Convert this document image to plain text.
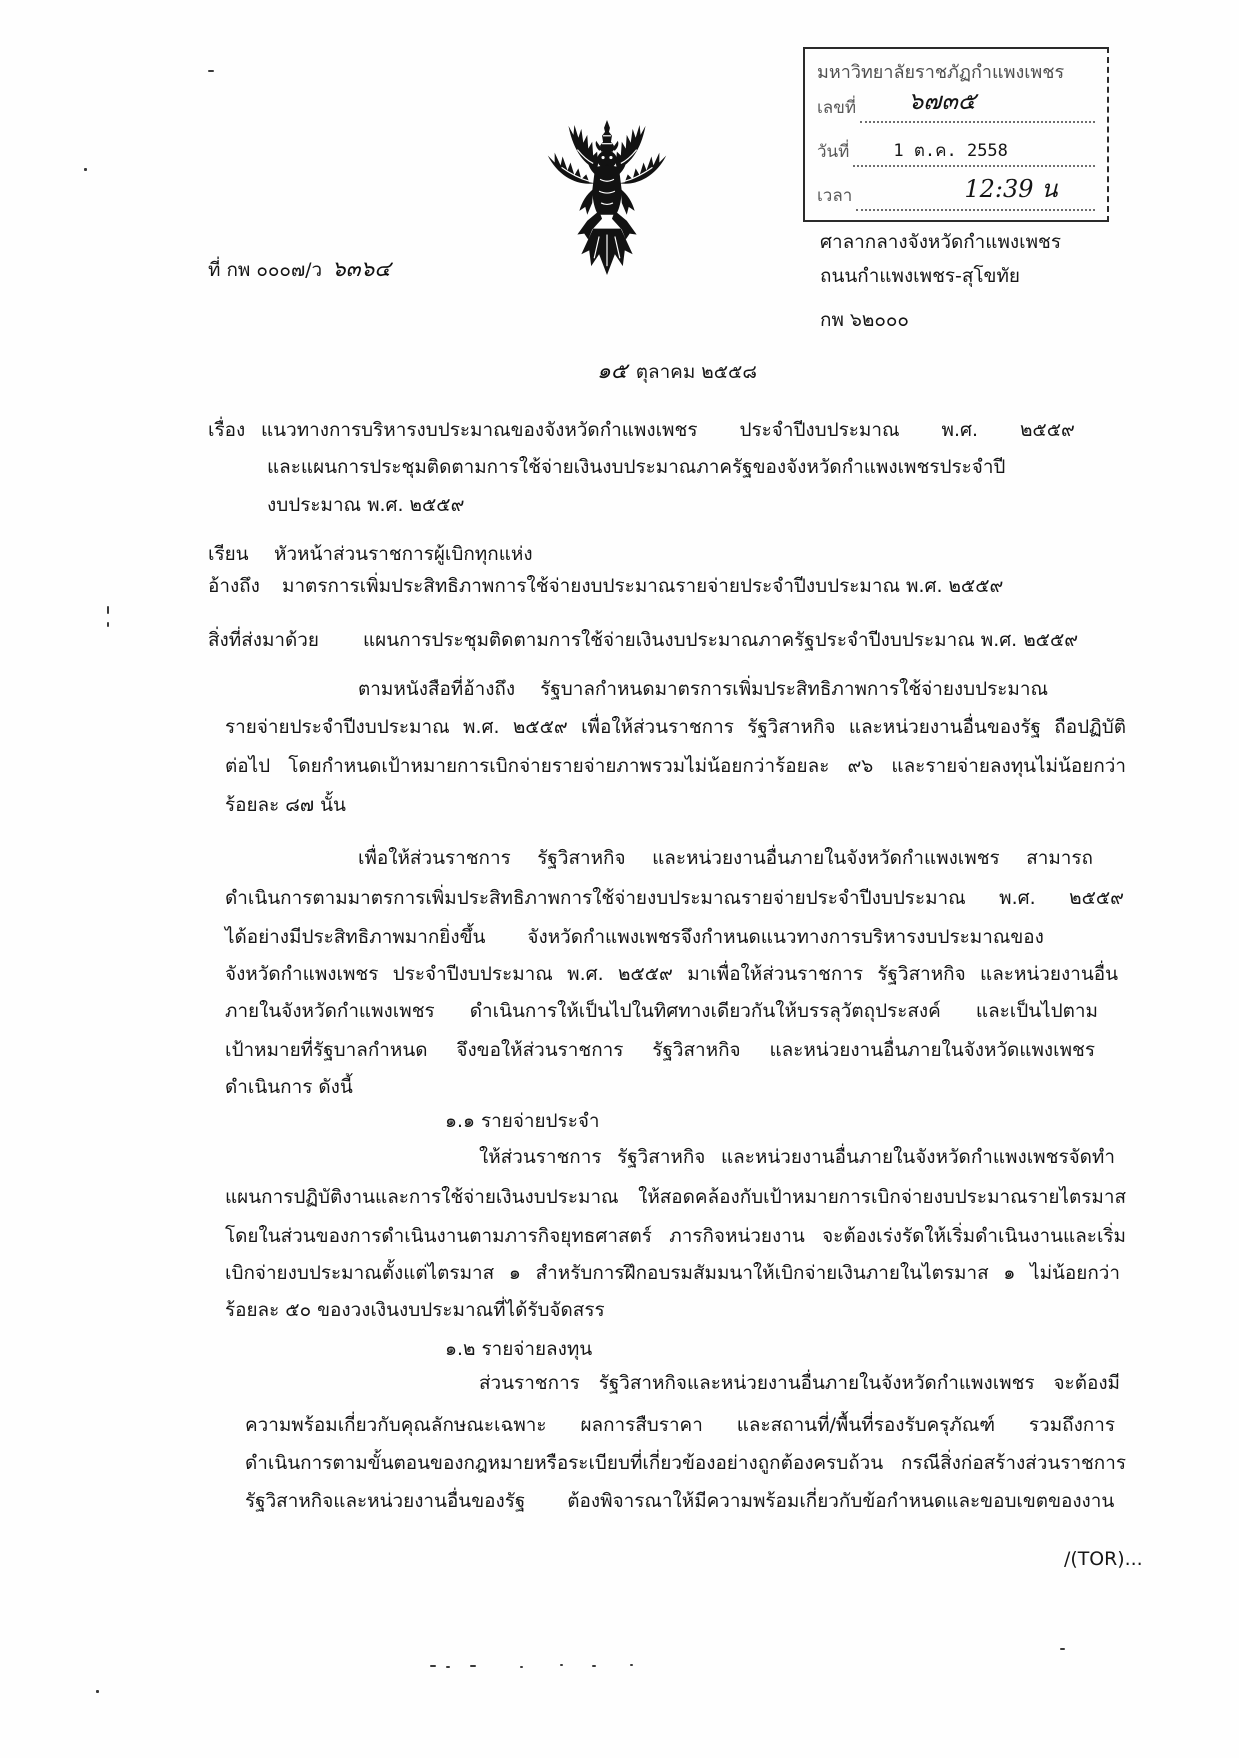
มหาวิทยาลัยราชภัฏกำแพงเพชร
เลขที่ ๖๗๓๕
วันที่	1 ต.ค. 2558
เวลา	12:39 น
ที่ กพ ๐๐๐๗/ว ๖๓๖๔
ศาลากลางจังหวัดกำแพงเพชร
ถนนกำแพงเพชร-สุโขทัย
กพ ๖๒๐๐๐
๑๕ ตุลาคม ๒๕๕๘
เรื่อง แนวทางการบริหารงบประมาณของจังหวัดกำแพงเพชร ประจำปีงบประมาณ พ.ศ. ๒๕๕๙
และแผนการประชุมติดตามการใช้จ่ายเงินงบประมาณภาครัฐของจังหวัดกำแพงเพชรประจำปี
งบประมาณ พ.ศ. ๒๕๕๙
เรียน หัวหน้าส่วนราชการผู้เบิกทุกแห่ง
อ้างถึง มาตรการเพิ่มประสิทธิภาพการใช้จ่ายงบประมาณรายจ่ายประจำปีงบประมาณ พ.ศ. ๒๕๕๙
สิ่งที่ส่งมาด้วย แผนการประชุมติดตามการใช้จ่ายเงินงบประมาณภาครัฐประจำปีงบประมาณ พ.ศ. ๒๕๕๙
ตามหนังสือที่อ้างถึง รัฐบาลกำหนดมาตรการเพิ่มประสิทธิภาพการใช้จ่ายงบประมาณ
รายจ่ายประจำปีงบประมาณ พ.ศ. ๒๕๕๙ เพื่อให้ส่วนราชการ รัฐวิสาหกิจ และหน่วยงานอื่นของรัฐ ถือปฏิบัติ
ต่อไป โดยกำหนดเป้าหมายการเบิกจ่ายรายจ่ายภาพรวมไม่น้อยกว่าร้อยละ ๙๖ และรายจ่ายลงทุนไม่น้อยกว่า
ร้อยละ ๘๗ นั้น
เพื่อให้ส่วนราชการ รัฐวิสาหกิจ และหน่วยงานอื่นภายในจังหวัดกำแพงเพชร สามารถ
ดำเนินการตามมาตรการเพิ่มประสิทธิภาพการใช้จ่ายงบประมาณรายจ่ายประจำปีงบประมาณ พ.ศ. ๒๕๕๙
ได้อย่างมีประสิทธิภาพมากยิ่งขึ้น จังหวัดกำแพงเพชรจึงกำหนดแนวทางการบริหารงบประมาณของ
จังหวัดกำแพงเพชร ประจำปีงบประมาณ พ.ศ. ๒๕๕๙ มาเพื่อให้ส่วนราชการ รัฐวิสาหกิจ และหน่วยงานอื่น
ภายในจังหวัดกำแพงเพชร ดำเนินการให้เป็นไปในทิศทางเดียวกันให้บรรลุวัตถุประสงค์ และเป็นไปตาม
เป้าหมายที่รัฐบาลกำหนด จึงขอให้ส่วนราชการ รัฐวิสาหกิจ และหน่วยงานอื่นภายในจังหวัดแพงเพชร
ดำเนินการ ดังนี้
๑.๑ รายจ่ายประจำ
ให้ส่วนราชการ รัฐวิสาหกิจ และหน่วยงานอื่นภายในจังหวัดกำแพงเพชรจัดทำ
แผนการปฏิบัติงานและการใช้จ่ายเงินงบประมาณ ให้สอดคล้องกับเป้าหมายการเบิกจ่ายงบประมาณรายไตรมาส
โดยในส่วนของการดำเนินงานตามภารกิจยุทธศาสตร์ ภารกิจหน่วยงาน จะต้องเร่งรัดให้เริ่มดำเนินงานและเริ่ม
เบิกจ่ายงบประมาณตั้งแต่ไตรมาส ๑ สำหรับการฝึกอบรมสัมมนาให้เบิกจ่ายเงินภายในไตรมาส ๑ ไม่น้อยกว่า
ร้อยละ ๕๐ ของวงเงินงบประมาณที่ได้รับจัดสรร
๑.๒ รายจ่ายลงทุน
ส่วนราชการ รัฐวิสาหกิจและหน่วยงานอื่นภายในจังหวัดกำแพงเพชร จะต้องมี
ความพร้อมเกี่ยวกับคุณลักษณะเฉพาะ ผลการสืบราคา และสถานที่/พื้นที่รองรับครุภัณฑ์ รวมถึงการ
ดำเนินการตามขั้นตอนของกฎหมายหรือระเบียบที่เกี่ยวข้องอย่างถูกต้องครบถ้วน กรณีสิ่งก่อสร้างส่วนราชการ
รัฐวิสาหกิจและหน่วยงานอื่นของรัฐ ต้องพิจารณาให้มีความพร้อมเกี่ยวกับข้อกำหนดและขอบเขตของงาน
/(TOR)...
